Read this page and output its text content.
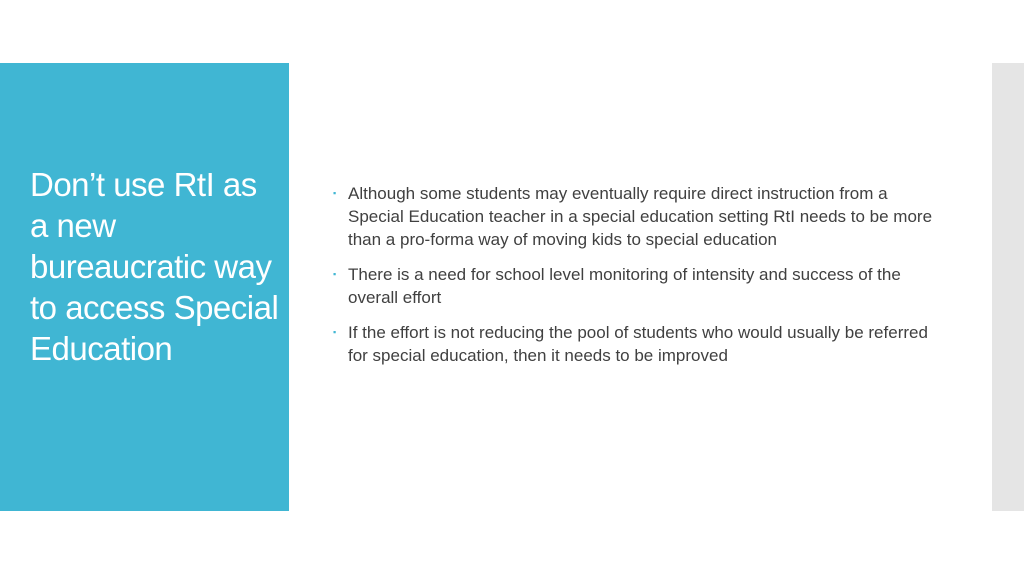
Don’t use RtI as a new bureaucratic way to access Special Education
▪ Although some students may eventually require direct instruction from a Special Education teacher in a special education setting RtI needs to be more than a pro-forma way of moving kids to special education
▪ There is a need for school level monitoring of intensity and success of the overall effort
▪ If the effort is not reducing the pool of students who would usually be referred for special education, then it needs to be improved
